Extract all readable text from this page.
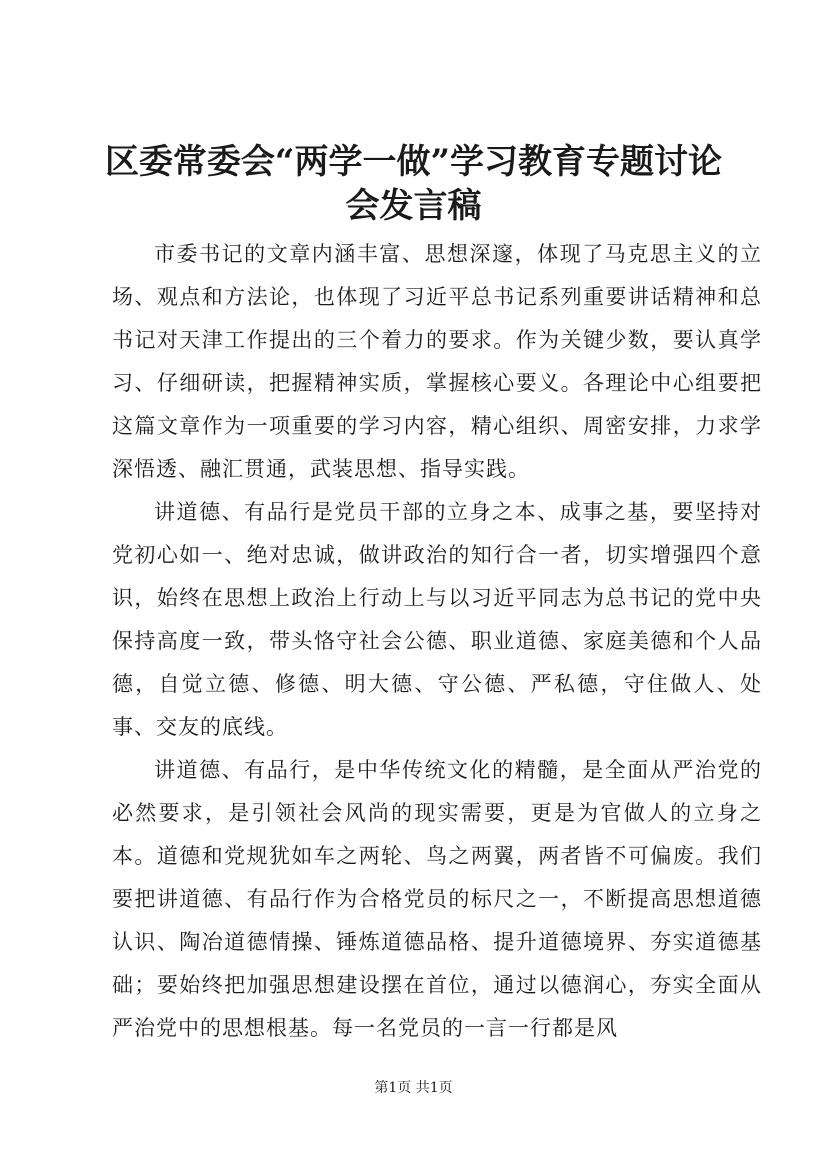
区委常委会“两学一做”学习教育专题讨论会发言稿

市委书记的文章内涵丰富、思想深邃，体现了马克思主义的立场、观点和方法论，也体现了习近平总书记系列重要讲话精神和总书记对天津工作提出的三个着力的要求。作为关键少数，要认真学习、仔细研读，把握精神实质，掌握核心要义。各理论中心组要把这篇文章作为一项重要的学习内容，精心组织、周密安排，力求学深悟透、融汇贯通，武装思想、指导实践。

讲道德、有品行是党员干部的立身之本、成事之基，要坚持对党初心如一、绝对忠诚，做讲政治的知行合一者，切实增强四个意识，始终在思想上政治上行动上与以习近平同志为总书记的党中央保持高度一致，带头恪守社会公德、职业道德、家庭美德和个人品德，自觉立德、修德、明大德、守公德、严私德，守住做人、处事、交友的底线。

讲道德、有品行，是中华传统文化的精髓，是全面从严治党的必然要求，是引领社会风尚的现实需要，更是为官做人的立身之本。道德和党规犹如车之两轮、鸟之两翼，两者皆不可偏废。我们要把讲道德、有品行作为合格党员的标尺之一，不断提高思想道德认识、陶冶道德情操、锤炼道德品格、提升道德境界、夯实道德基础；要始终把加强思想建设摆在首位，通过以德润心，夯实全面从严治党中的思想根基。每一名党员的一言一行都是风

第1页 共1页
